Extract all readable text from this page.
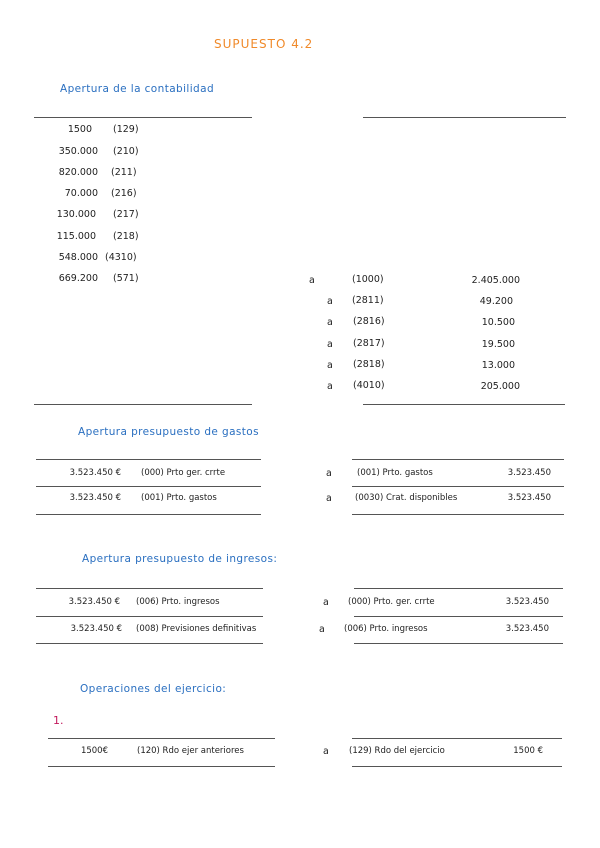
SUPUESTO 4.2
Apertura de la contabilidad
1500 (129)
350.000 (210)
820.000 (211)
70.000 (216)
130.000 (217)
115.000 (218)
548.000 (4310)
669.200 (571)	a	(1000)	2.405.000
a (2811)	49.200
a (2816)	10.500
a (2817)	19.500
a (2818)	13.000
a (4010)	205.000
Apertura presupuesto de gastos
3.523.450 € (000) Prto ger. crrte	a	(001) Prto. gastos	3.523.450
3.523.450 € (001) Prto. gastos	a	(0030) Crat. disponibles	3.523.450
Apertura presupuesto de ingresos:
3.523.450 € (006) Prto. ingresos	a (000) Prto. ger. crrte	3.523.450
3.523.450 € (008) Previsiones definitivas	a (006) Prto. ingresos	3.523.450
Operaciones del ejercicio:
1.
1500€	(120) Rdo ejer anteriores	a (129) Rdo del ejercicio	1500 €
